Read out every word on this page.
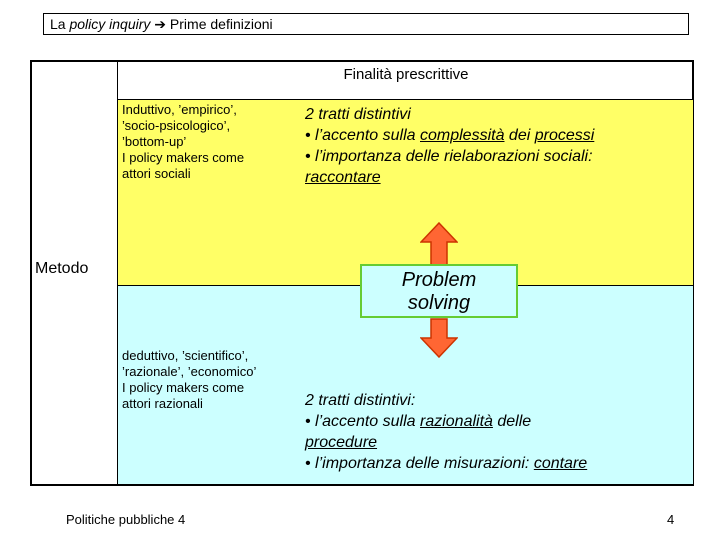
La policy inquiry ➔ Prime definizioni
Finalità prescrittive
Metodo
Induttivo, ’empirico’,
’socio-psicologico’,
’bottom-up’
I policy makers come
attori sociali
2 tratti distintivi
• l’accento sulla complessità dei processi
• l’importanza delle rielaborazioni sociali:
raccontare
Problem
solving
deduttivo, ’scientifico’,
’razionale’, ’economico’
I policy makers come
attori razionali	2 tratti distintivi:
• l’accento sulla razionalità delle
procedure
• l’importanza delle misurazioni: contare
Politiche pubbliche 4	4
